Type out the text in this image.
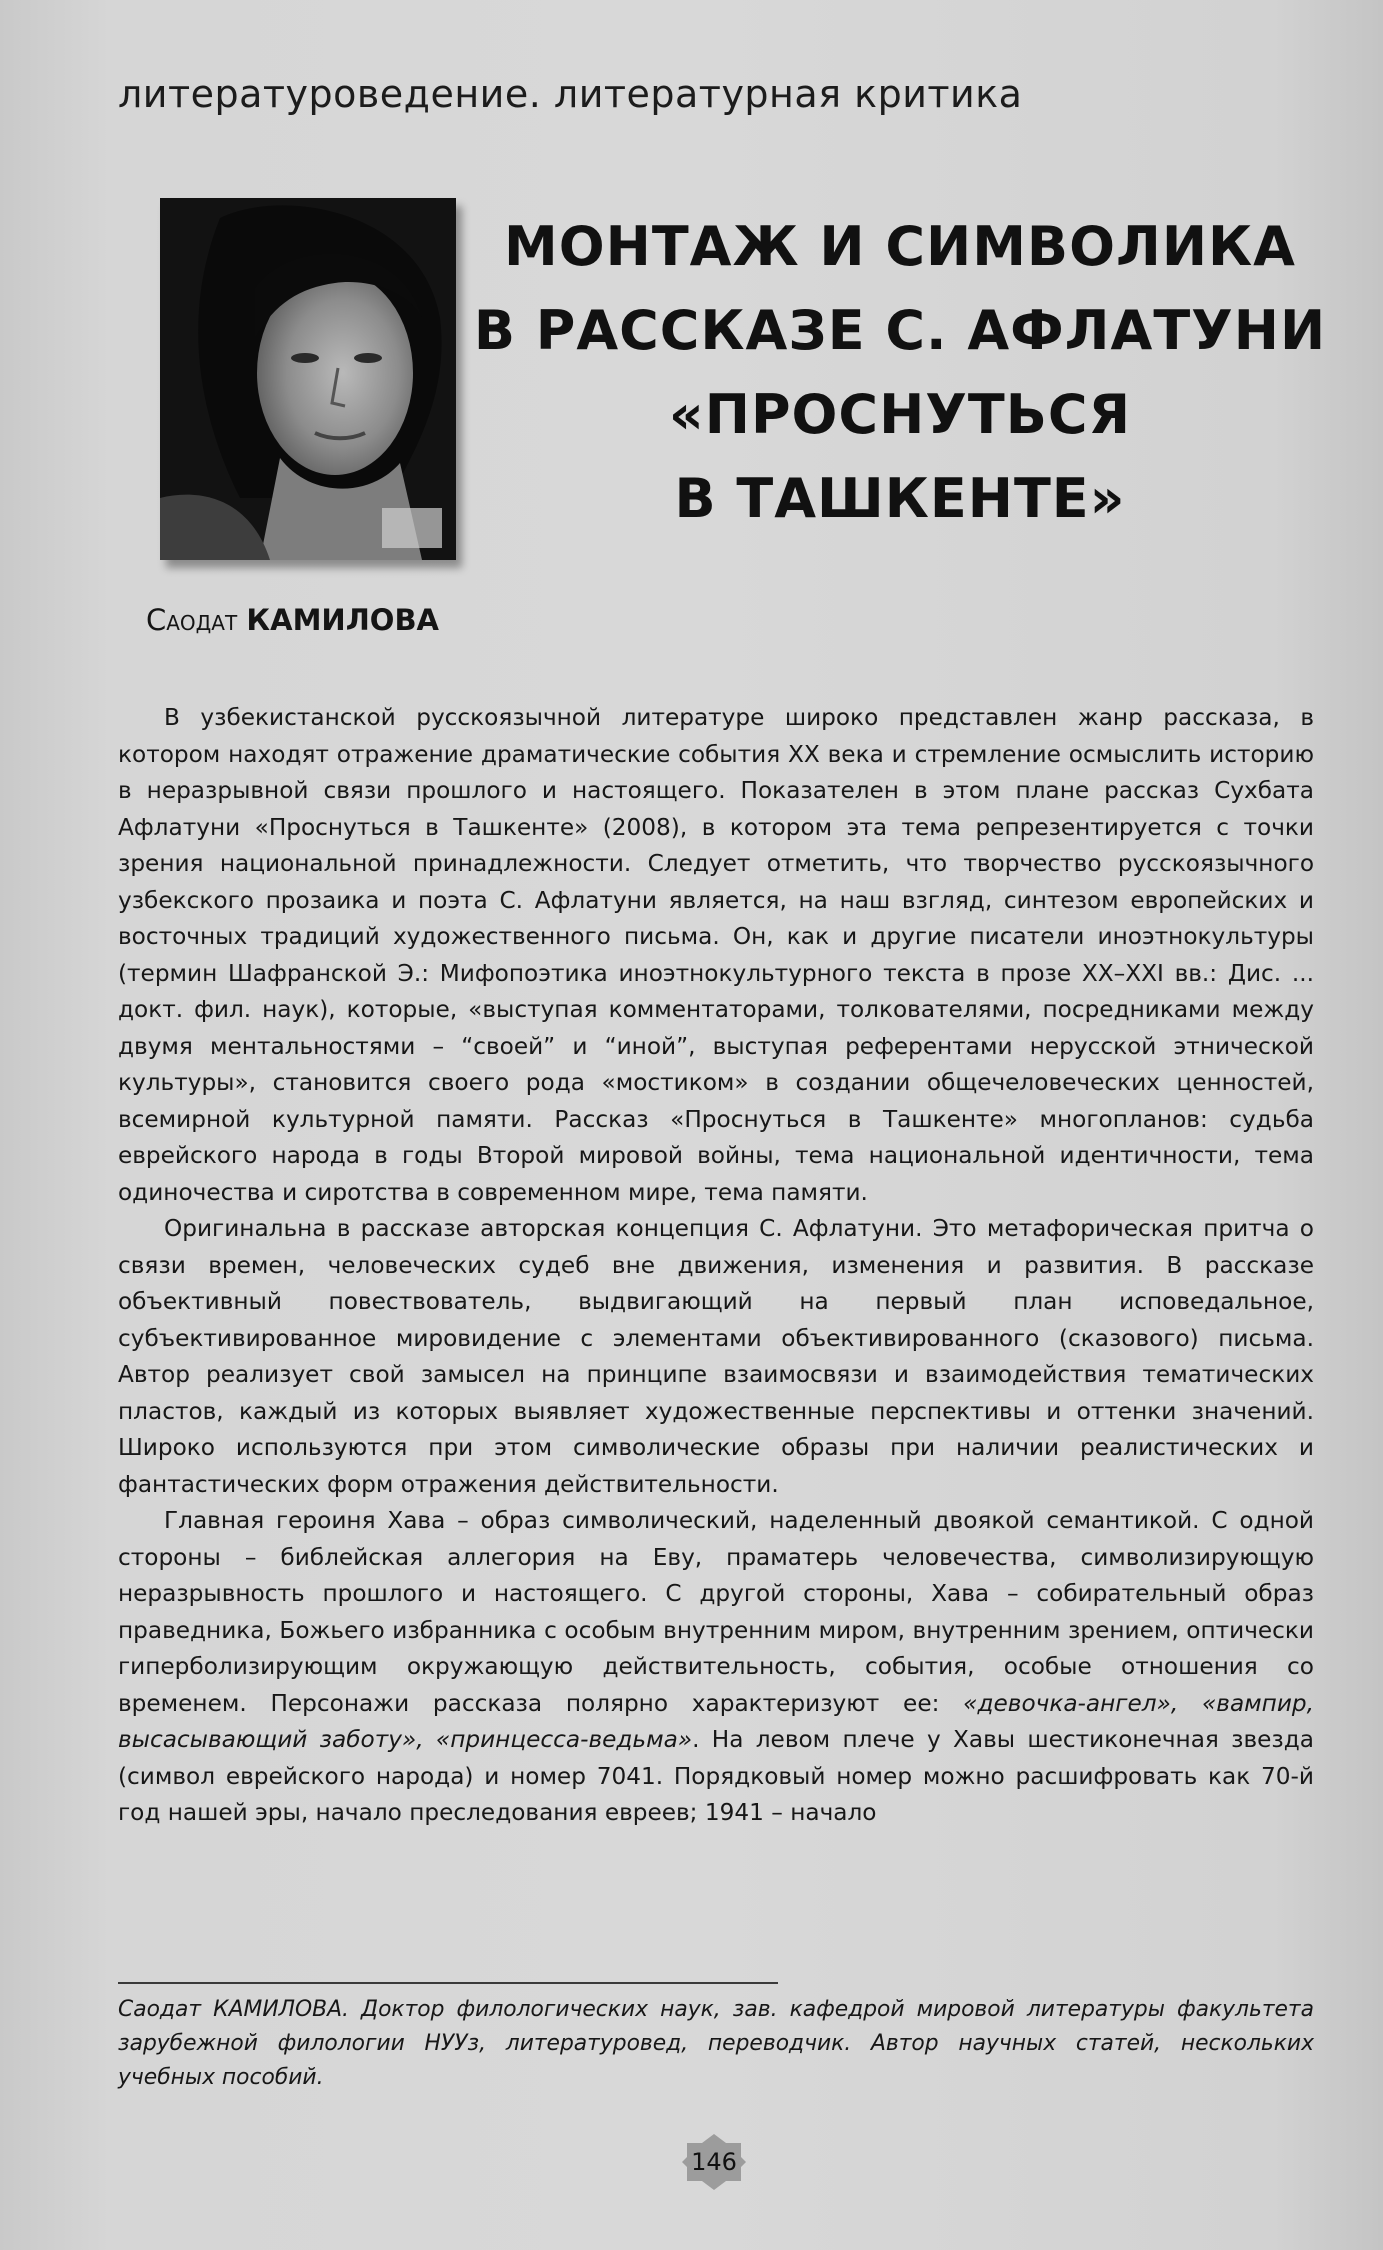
литературоведение. литературная критика
МОНТАЖ И СИМВОЛИКА
В РАССКАЗЕ С. АФЛАТУНИ
«ПРОСНУТЬСЯ
В ТАШКЕНТЕ»
Саодат КАМИЛОВА

В узбекистанской русскоязычной литературе широко представлен жанр рассказа, в котором находят отражение драматические события XX века и стремление осмыслить историю в неразрывной связи прошлого и настоящего. Показателен в этом плане рассказ Сухбата Афлатуни «Проснуться в Ташкенте» (2008), в котором эта тема репрезентируется с точки зрения национальной принадлежности. Следует отметить, что творчество русскоязычного узбекского прозаика и поэта С. Афлатуни является, на наш взгляд, синтезом европейских и восточных традиций художественного письма. Он, как и другие писатели иноэтнокультуры (термин Шафранской Э.: Мифопоэтика иноэтнокультурного текста в прозе XX–XXI вв.: Дис. ... докт. фил. наук), которые, «выступая комментаторами, толкователями, посредниками между двумя ментальностями – “своей” и “иной”, выступая референтами нерусской этнической культуры», становится своего рода «мостиком» в создании общечеловеческих ценностей, всемирной культурной памяти. Рассказ «Проснуться в Ташкенте» многопланов: судьба еврейского народа в годы Второй мировой войны, тема национальной идентичности, тема одиночества и сиротства в современном мире, тема памяти.

Оригинальна в рассказе авторская концепция С. Афлатуни. Это метафорическая притча о связи времен, человеческих судеб вне движения, изменения и развития. В рассказе объективный повествователь, выдвигающий на первый план исповедальное, субъективированное мировидение с элементами объективированного (сказового) письма. Автор реализует свой замысел на принципе взаимосвязи и взаимодействия тематических пластов, каждый из которых выявляет художественные перспективы и оттенки значений. Широко используются при этом символические образы при наличии реалистических и фантастических форм отражения действительности.

Главная героиня Хава – образ символический, наделенный двоякой семантикой. С одной стороны – библейская аллегория на Еву, праматерь человечества, символизирующую неразрывность прошлого и настоящего. С другой стороны, Хава – собирательный образ праведника, Божьего избранника с особым внутренним миром, внутренним зрением, оптически гиперболизирующим окружающую действительность, события, особые отношения со временем. Персонажи рассказа полярно характеризуют ее: «девочка-ангел», «вампир, высасывающий заботу», «принцесса-ведьма». На левом плече у Хавы шестиконечная звезда (символ еврейского народа) и номер 7041. Порядковый номер можно расшифровать как 70-й год нашей эры, начало преследования евреев; 1941 – начало

Саодат КАМИЛОВА. Доктор филологических наук, зав. кафедрой мировой литературы факультета зарубежной филологии НУУз, литературовед, переводчик. Автор научных статей, нескольких учебных пособий.
146
